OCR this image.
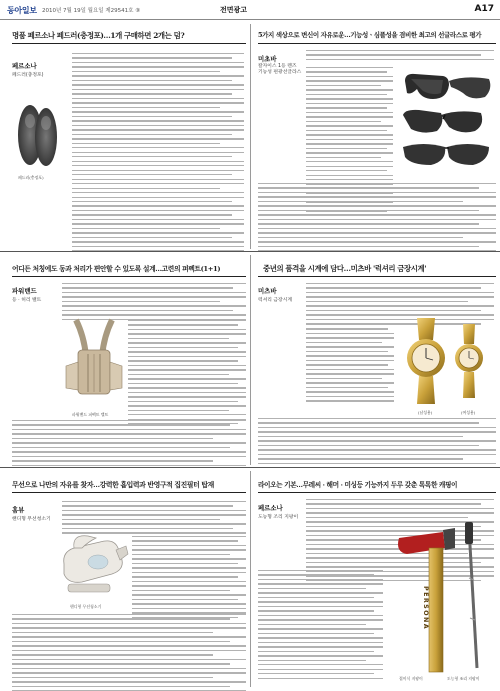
동아일보 2010년 7월 19일 월요일 제29541호 ⑨	전면광고	A17
명품 페르소나 페드러(충정포)…1개 구매하면 2개는 덤?
페르소나
페드러(충정포)
페드러(충정포)
5가지 색상으로 변신이 자유로운…기능성ㆍ심플성을 겸비한 최고의 선글라스로 평가
미초바
칼자이스 1등 렌즈 기능성 편광선글라스
어디든 처칭에도 동과 처리가 편안할 수 있도록 설계…고련의 퍼펙트(1+1)
파워밴드
등 · 허리 밸트
파워밴드 퍼펙트 밸트
중년의 품격을 시계에 담다…미츠바 '럭셔리 금장시계'
미츠바
럭셔리 금장시계
(남성용)	(여성용)
무선으로 나만의 자유를 찾자…강력한 흡입력과 반영구적 집진필터 탑재
홈뷰
핸디형 무선청소기
핸디형 무선청소기
라이오는 기본…무레씨 · 해머 · 미싱등 기능까지 두루 갖춘 톡톡한 캐핑이
페르소나
도능형 조리 지팡이
PERSONA
접이식 지팡이	도능형 조리 지팡이
